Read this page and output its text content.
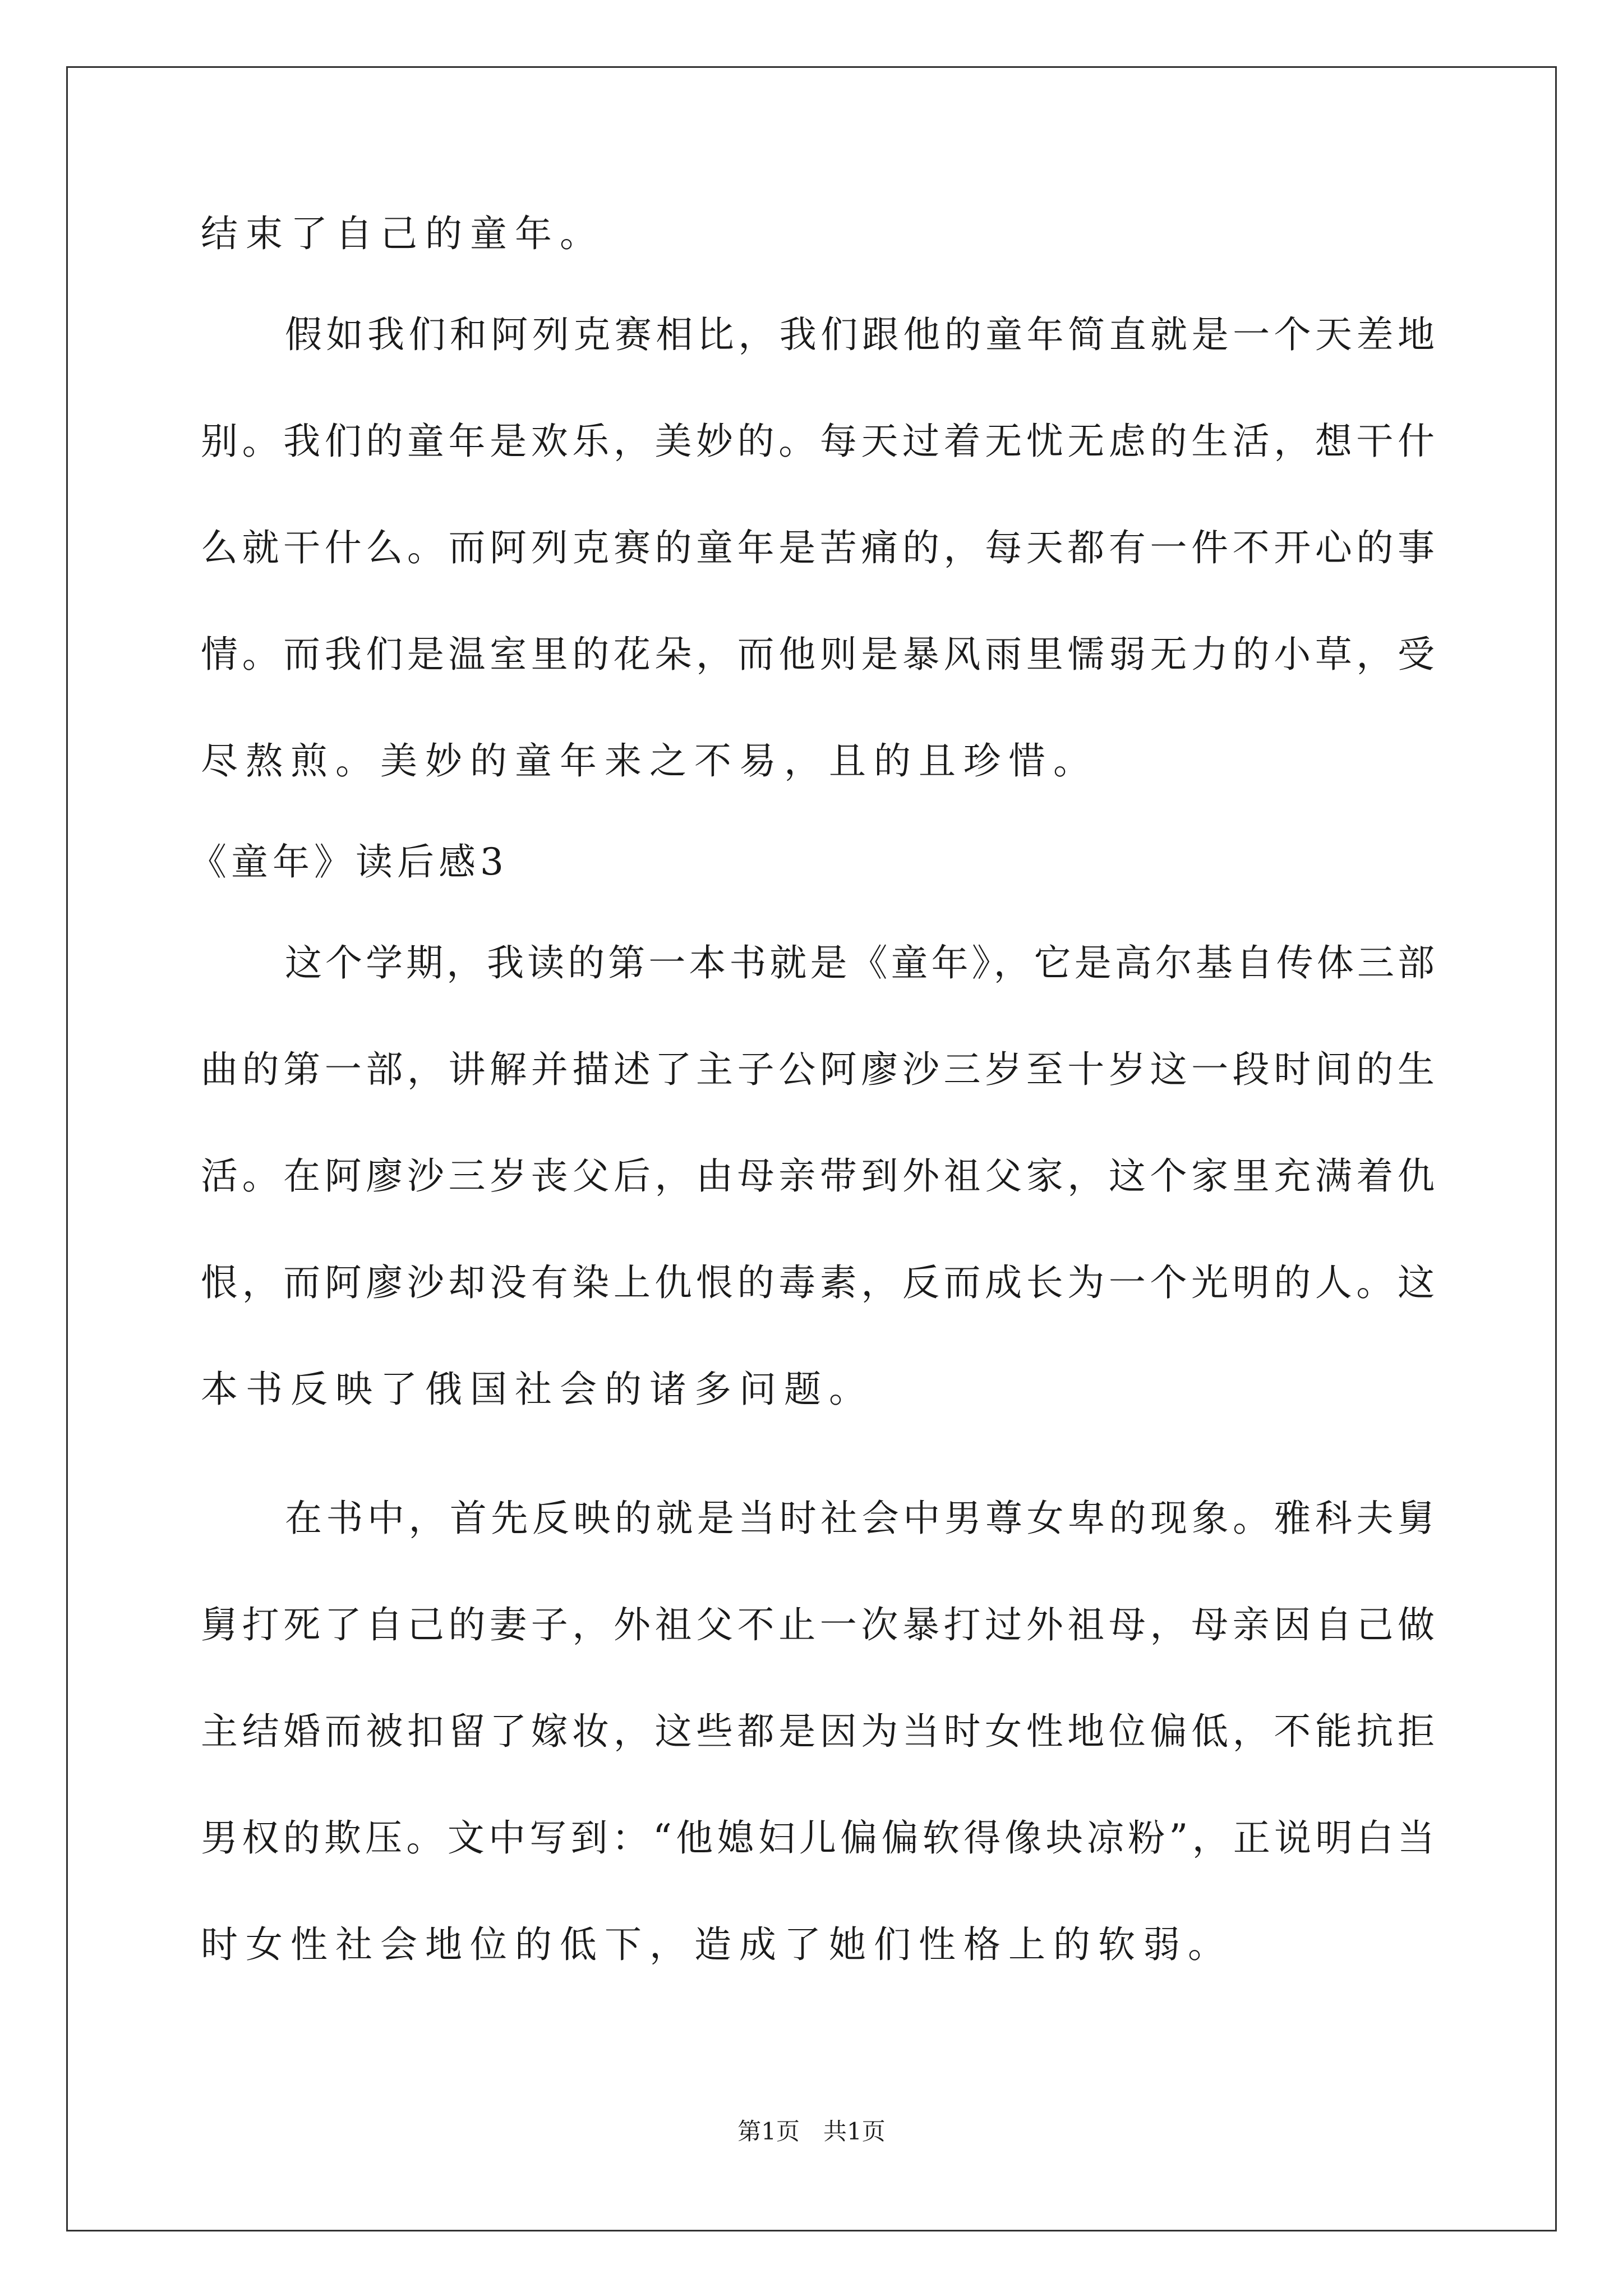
结束了自己的童年。
假如我们和阿列克赛相比，我们跟他的童年简直就是一个天差地
别。我们的童年是欢乐，美妙的。每天过着无忧无虑的生活，想干什
么就干什么。而阿列克赛的童年是苦痛的，每天都有一件不开心的事
情。而我们是温室里的花朵，而他则是暴风雨里懦弱无力的小草，受
尽熬煎。美妙的童年来之不易，且的且珍惜。
《童年》读后感3
这个学期，我读的第一本书就是《童年》，它是高尔基自传体三部
曲的第一部，讲解并描述了主子公阿廖沙三岁至十岁这一段时间的生
活。在阿廖沙三岁丧父后，由母亲带到外祖父家，这个家里充满着仇
恨，而阿廖沙却没有染上仇恨的毒素，反而成长为一个光明的人。这
本书反映了俄国社会的诸多问题。
在书中，首先反映的就是当时社会中男尊女卑的现象。雅科夫舅
舅打死了自己的妻子，外祖父不止一次暴打过外祖母，母亲因自己做
主结婚而被扣留了嫁妆，这些都是因为当时女性地位偏低，不能抗拒
男权的欺压。文中写到：“他媳妇儿偏偏软得像块凉粉”，正说明白当
时女性社会地位的低下，造成了她们性格上的软弱。
第1页　共1页
